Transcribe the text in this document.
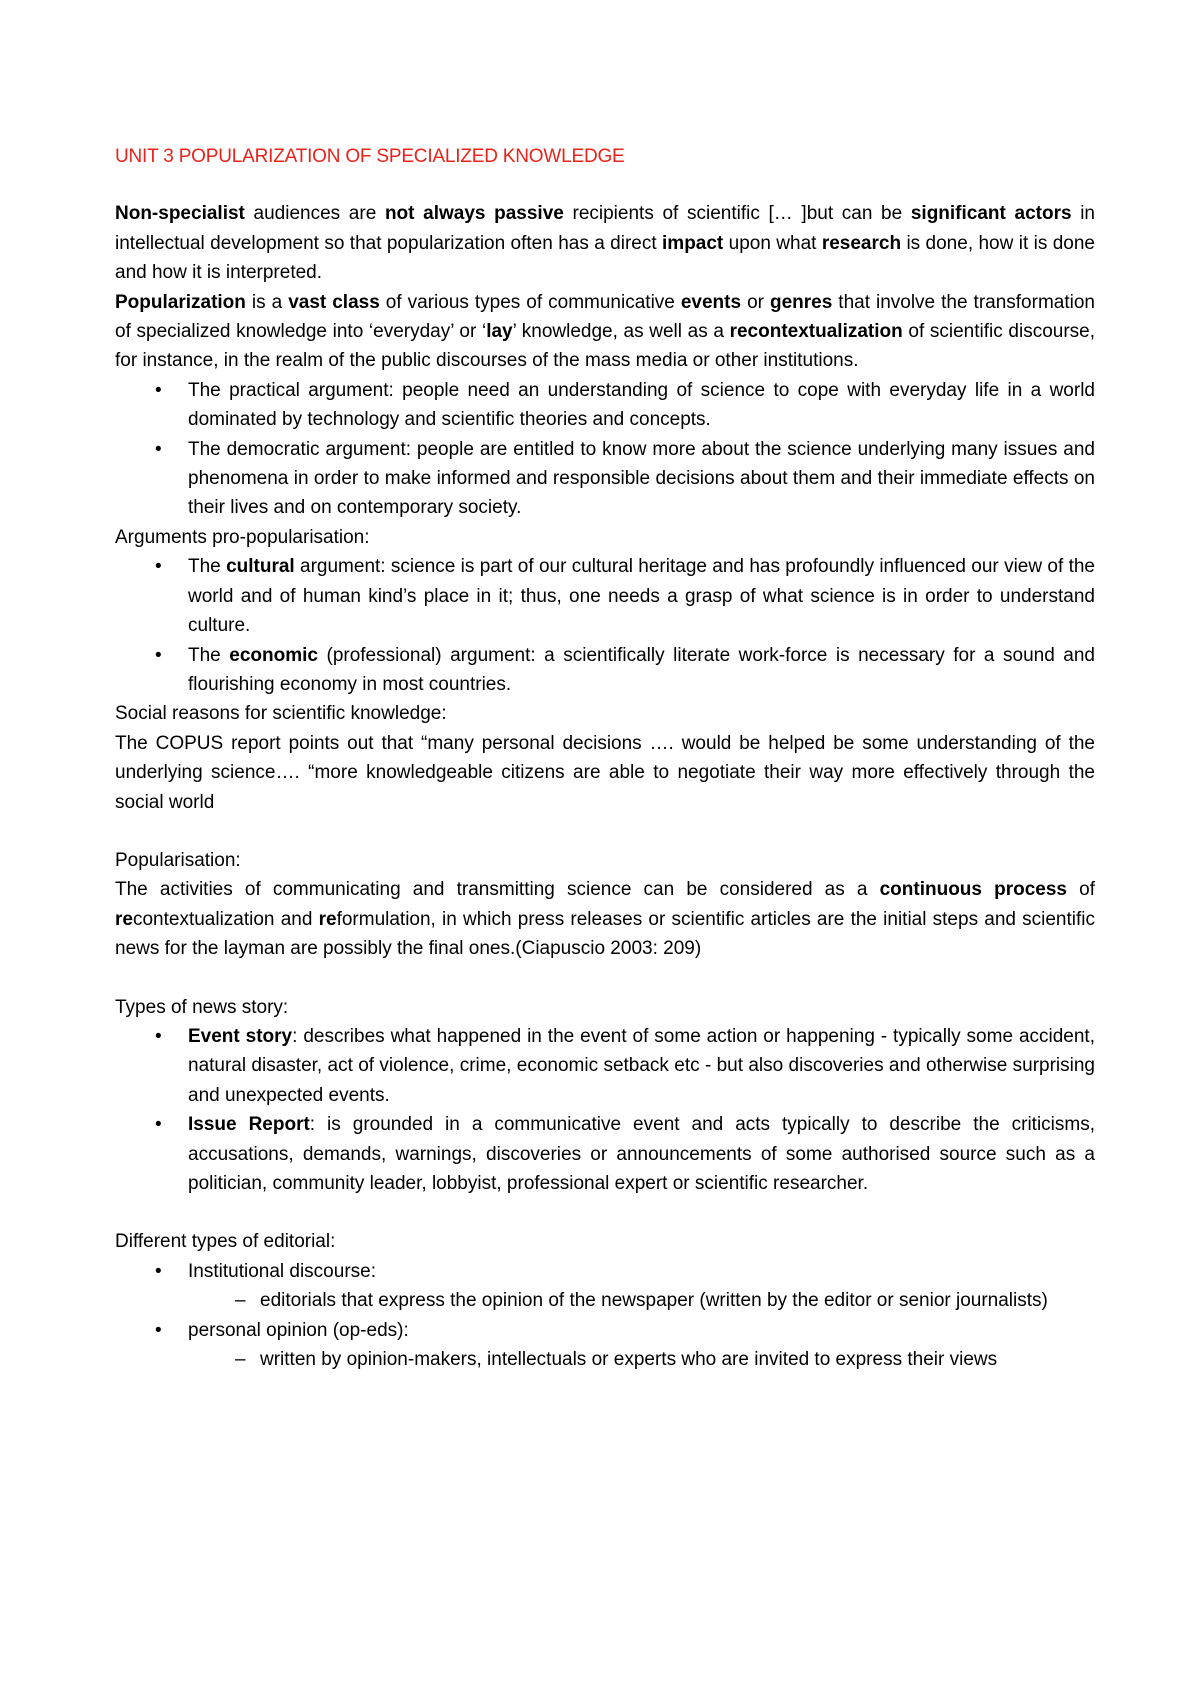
UNIT 3 POPULARIZATION OF SPECIALIZED KNOWLEDGE

Non-specialist audiences are not always passive recipients of scientific [… ]but can be significant actors in intellectual development so that popularization often has a direct impact upon what research is done, how it is done and how it is interpreted.

Popularization is a vast class of various types of communicative events or genres that involve the transformation of specialized knowledge into ‘everyday’ or ‘lay’ knowledge, as well as a recontextualization of scientific discourse, for instance, in the realm of the public discourses of the mass media or other institutions.

• The practical argument: people need an understanding of science to cope with everyday life in a world dominated by technology and scientific theories and concepts.
• The democratic argument: people are entitled to know more about the science underlying many issues and phenomena in order to make informed and responsible decisions about them and their immediate effects on their lives and on contemporary society.

Arguments pro-popularisation:

• The cultural argument: science is part of our cultural heritage and has profoundly influenced our view of the world and of human kind’s place in it; thus, one needs a grasp of what science is in order to understand culture.
• The economic (professional) argument: a scientifically literate work-force is necessary for a sound and flourishing economy in most countries.

Social reasons for scientific knowledge:

The COPUS report points out that “many personal decisions …. would be helped be some understanding of the underlying science…. “more knowledgeable citizens are able to negotiate their way more effectively through the social world

Popularisation:

The activities of communicating and transmitting science can be considered as a continuous process of recontextualization and reformulation, in which press releases or scientific articles are the initial steps and scientific news for the layman are possibly the final ones.(Ciapuscio 2003: 209)

Types of news story:

• Event story: describes what happened in the event of some action or happening - typically some accident, natural disaster, act of violence, crime, economic setback etc - but also discoveries and otherwise surprising and unexpected events.
• Issue Report: is grounded in a communicative event and acts typically to describe the criticisms, accusations, demands, warnings, discoveries or announcements of some authorised source such as a politician, community leader, lobbyist, professional expert or scientific researcher.

Different types of editorial:

• Institutional discourse:
– editorials that express the opinion of the newspaper (written by the editor or senior journalists)
• personal opinion (op-eds):
– written by opinion-makers, intellectuals or experts who are invited to express their views
